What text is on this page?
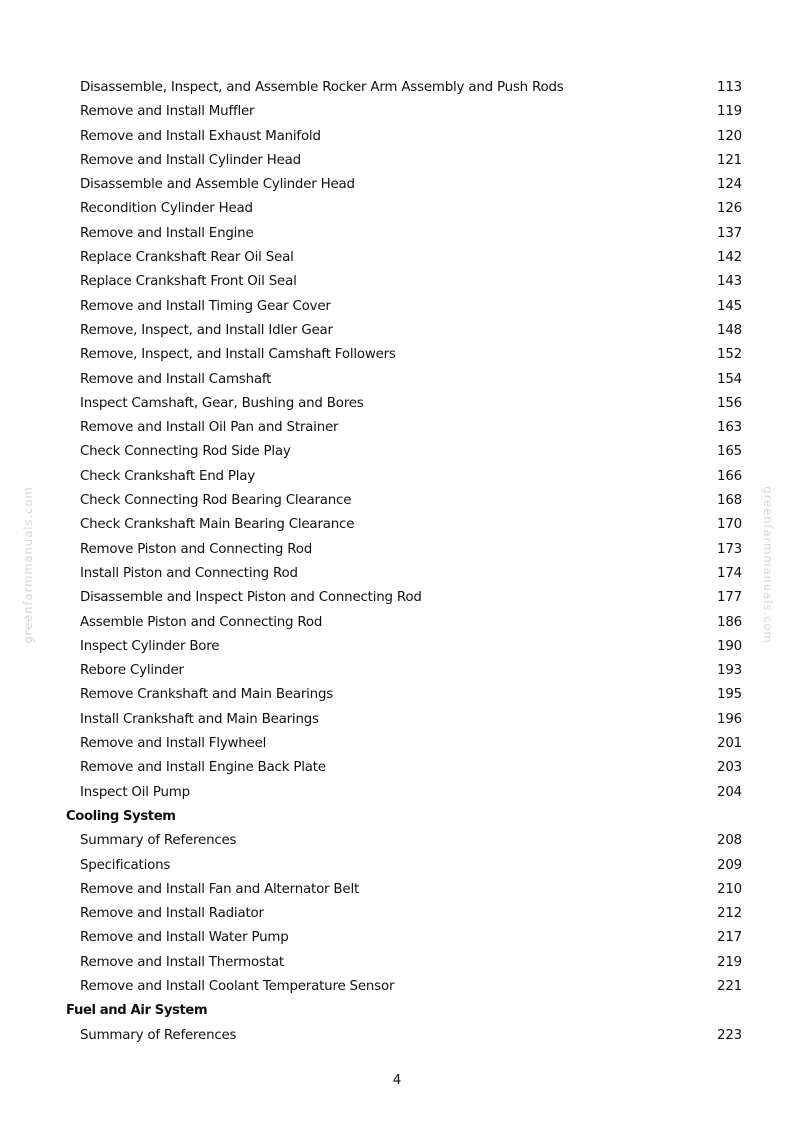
greenfarmmanuals.com	greenfarmmanuals.com
Disassemble, Inspect, and Assemble Rocker Arm Assembly and Push Rods	113
Remove and Install Muffler	119
Remove and Install Exhaust Manifold	120
Remove and Install Cylinder Head	121
Disassemble and Assemble Cylinder Head	124
Recondition Cylinder Head	126
Remove and Install Engine	137
Replace Crankshaft Rear Oil Seal	142
Replace Crankshaft Front Oil Seal	143
Remove and Install Timing Gear Cover	145
Remove, Inspect, and Install Idler Gear	148
Remove, Inspect, and Install Camshaft Followers	152
Remove and Install Camshaft	154
Inspect Camshaft, Gear, Bushing and Bores	156
Remove and Install Oil Pan and Strainer	163
Check Connecting Rod Side Play	165
Check Crankshaft End Play	166
Check Connecting Rod Bearing Clearance	168
Check Crankshaft Main Bearing Clearance	170
Remove Piston and Connecting Rod	173
Install Piston and Connecting Rod	174
Disassemble and Inspect Piston and Connecting Rod	177
Assemble Piston and Connecting Rod	186
Inspect Cylinder Bore	190
Rebore Cylinder	193
Remove Crankshaft and Main Bearings	195
Install Crankshaft and Main Bearings	196
Remove and Install Flywheel	201
Remove and Install Engine Back Plate	203
Inspect Oil Pump	204
Cooling System
Summary of References	208
Specifications	209
Remove and Install Fan and Alternator Belt	210
Remove and Install Radiator	212
Remove and Install Water Pump	217
Remove and Install Thermostat	219
Remove and Install Coolant Temperature Sensor	221
Fuel and Air System
Summary of References	223
4
